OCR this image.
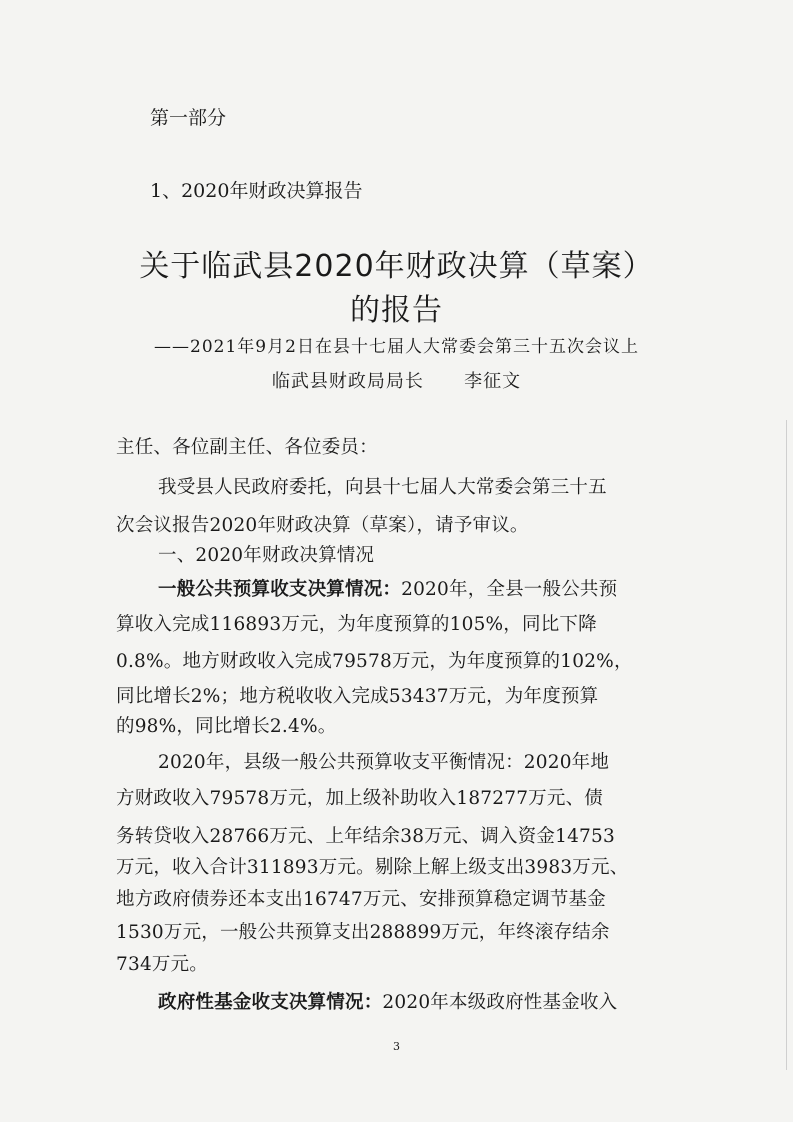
第一部分
1、2020年财政决算报告
关于临武县2020年财政决算（草案）
的报告
——2021年9月2日在县十七届人大常委会第三十五次会议上
临武县财政局局长      李征文
主任、各位副主任、各位委员：
我受县人民政府委托，向县十七届人大常委会第三十五
次会议报告2020年财政决算（草案），请予审议。
一、2020年财政决算情况
一般公共预算收支决算情况：2020年，全县一般公共预
算收入完成116893万元，为年度预算的105%，同比下降
0.8%。地方财政收入完成79578万元，为年度预算的102%，
同比增长2%；地方税收收入完成53437万元，为年度预算
的98%，同比增长2.4%。
2020年，县级一般公共预算收支平衡情况：2020年地
方财政收入79578万元，加上级补助收入187277万元、债
务转贷收入28766万元、上年结余38万元、调入资金14753
万元，收入合计311893万元。剔除上解上级支出3983万元、
地方政府债券还本支出16747万元、安排预算稳定调节基金
1530万元，一般公共预算支出288899万元，年终滚存结余
734万元。
政府性基金收支决算情况：2020年本级政府性基金收入
3
